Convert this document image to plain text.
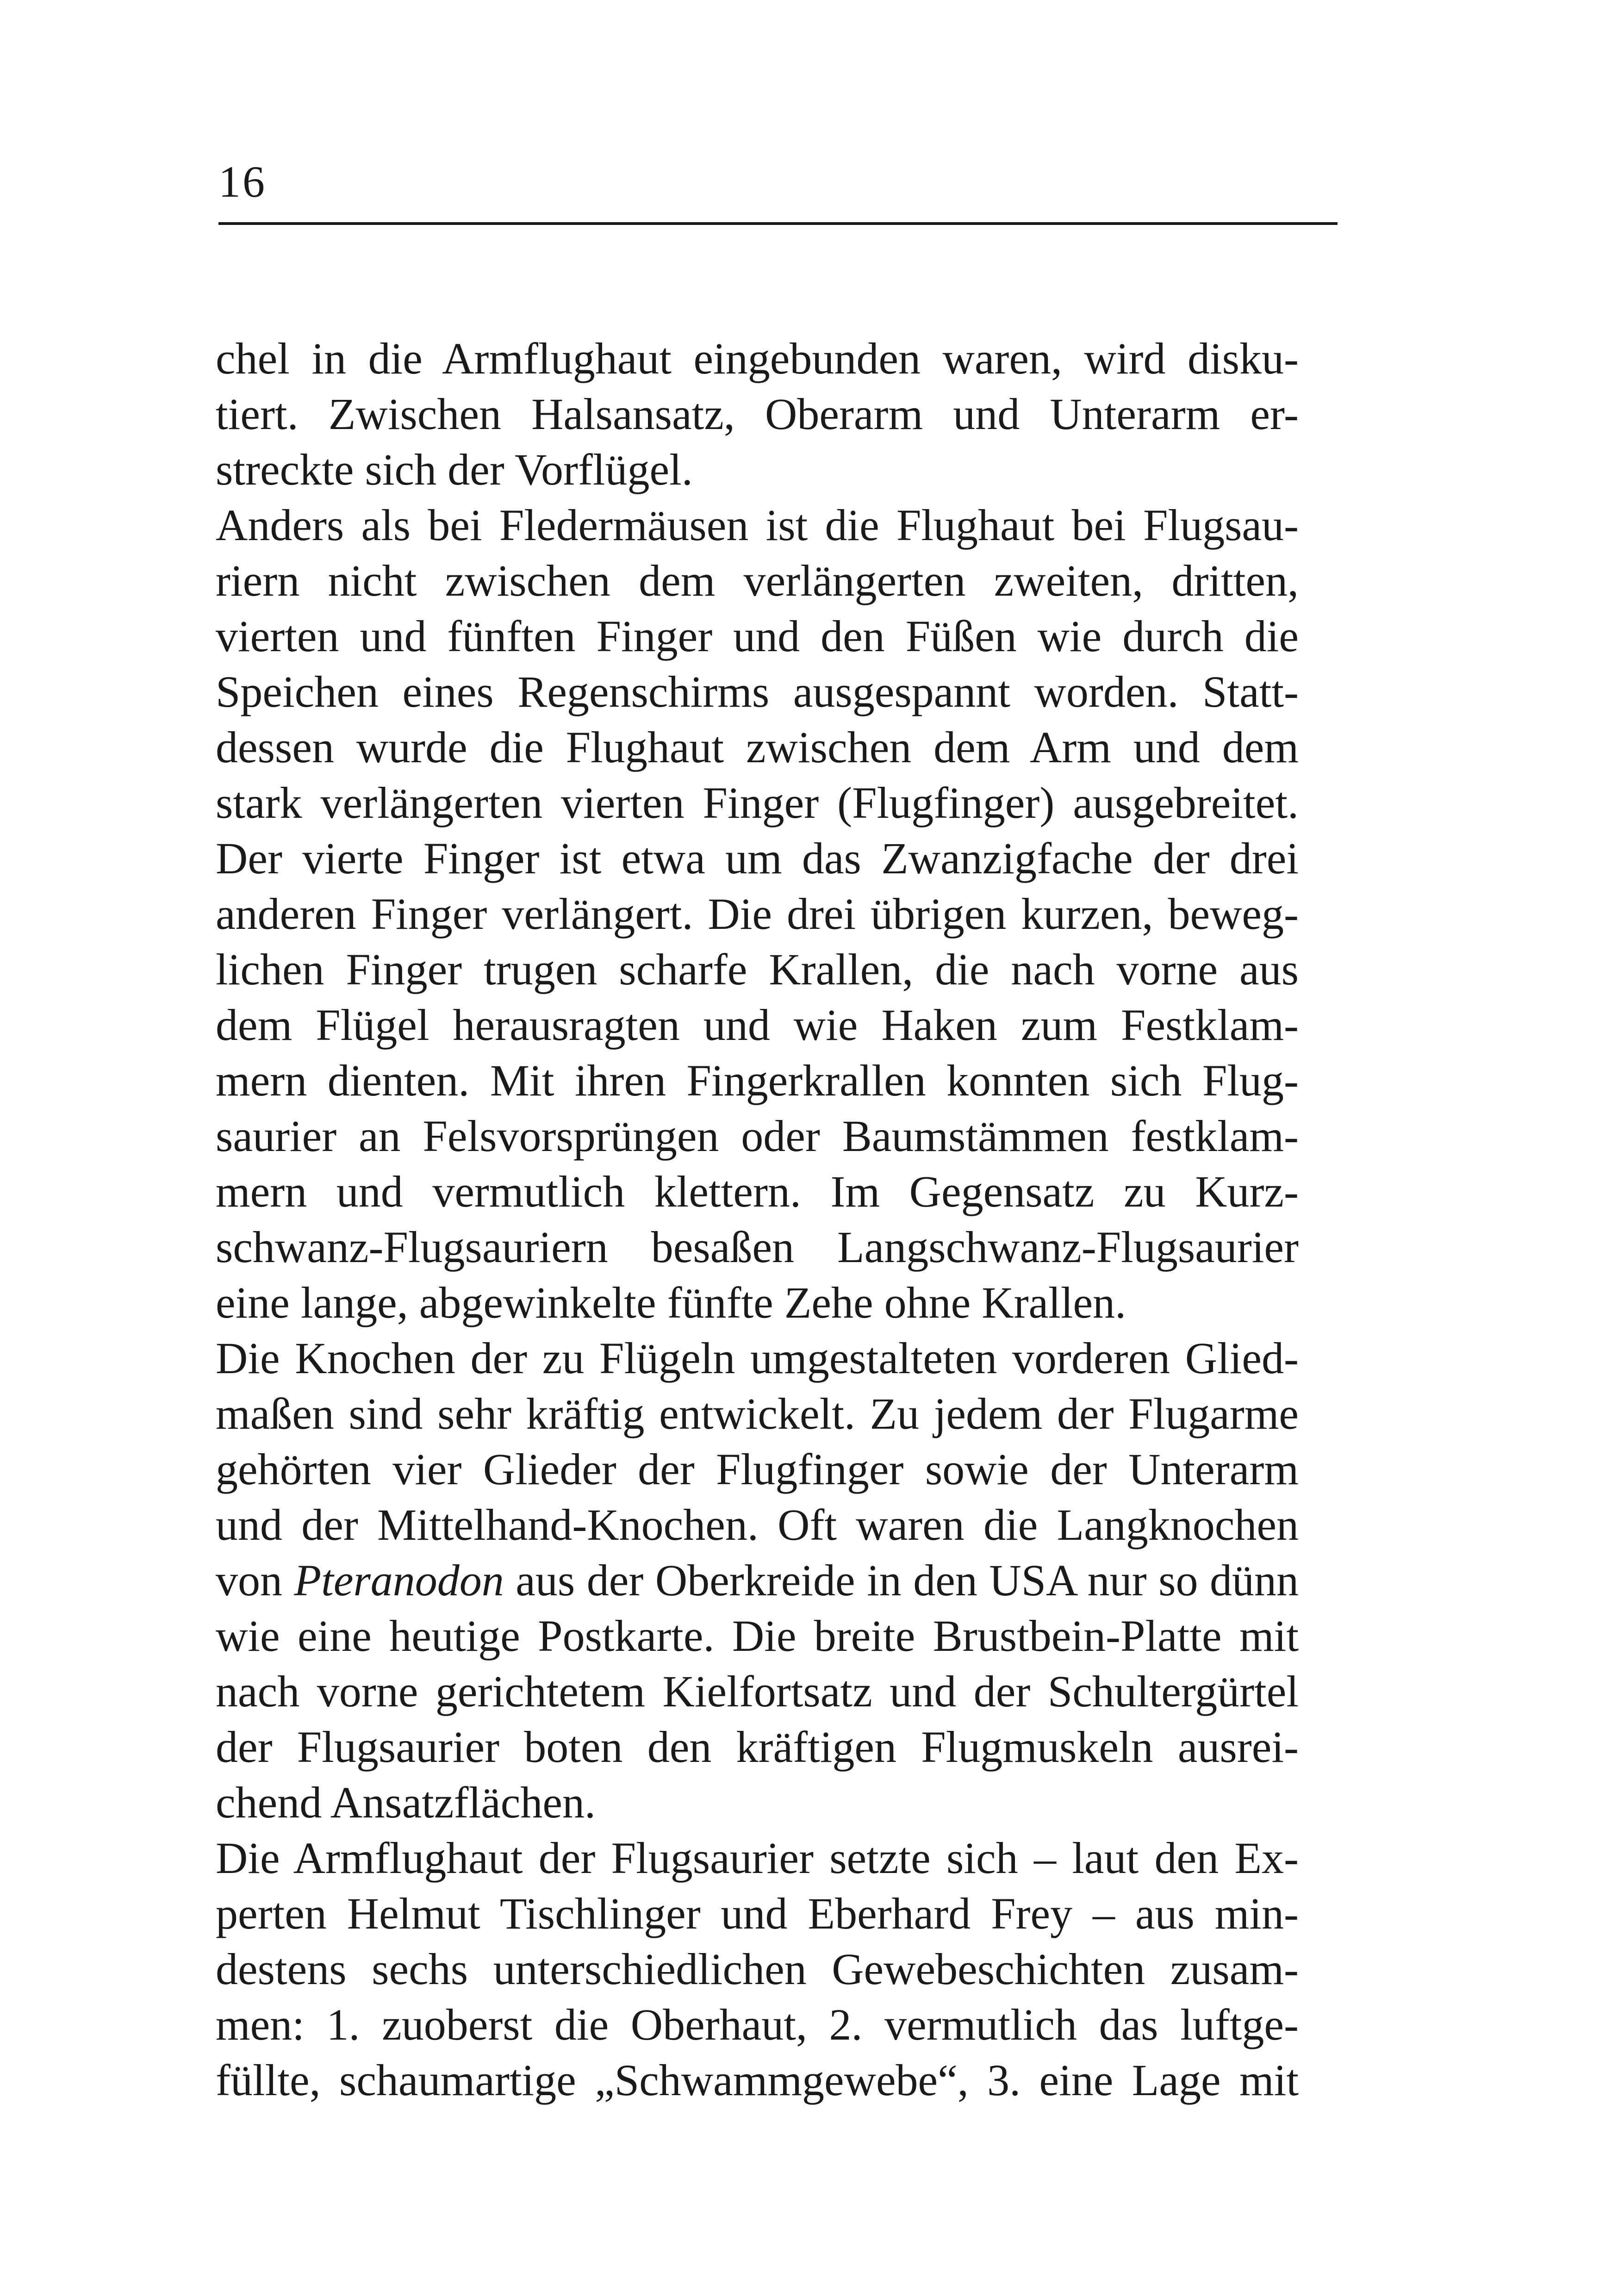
16
chel in die Armflughaut eingebunden waren, wird disku-
tiert. Zwischen Halsansatz, Oberarm und Unterarm er-
streckte sich der Vorflügel.
Anders als bei Fledermäusen ist die Flughaut bei Flugsau-
riern nicht zwischen dem verlängerten zweiten, dritten,
vierten und fünften Finger und den Füßen wie durch die
Speichen eines Regenschirms ausgespannt worden. Statt-
dessen wurde die Flughaut zwischen dem Arm und dem
stark verlängerten vierten Finger (Flugfinger) ausgebreitet.
Der vierte Finger ist etwa um das Zwanzigfache der drei
anderen Finger verlängert. Die drei übrigen kurzen, beweg-
lichen Finger trugen scharfe Krallen, die nach vorne aus
dem Flügel herausragten und wie Haken zum Festklam-
mern dienten. Mit ihren Fingerkrallen konnten sich Flug-
saurier an Felsvorsprüngen oder Baumstämmen festklam-
mern und vermutlich klettern. Im Gegensatz zu Kurz-
schwanz-Flugsauriern besaßen Langschwanz-Flugsaurier
eine lange, abgewinkelte fünfte Zehe ohne Krallen.
Die Knochen der zu Flügeln umgestalteten vorderen Glied-
maßen sind sehr kräftig entwickelt. Zu jedem der Flugarme
gehörten vier Glieder der Flugfinger sowie der Unterarm
und der Mittelhand-Knochen. Oft waren die Langknochen
von Pteranodon aus der Oberkreide in den USA nur so dünn
wie eine heutige Postkarte. Die breite Brustbein-Platte mit
nach vorne gerichtetem Kielfortsatz und der Schultergürtel
der Flugsaurier boten den kräftigen Flugmuskeln ausrei-
chend Ansatzflächen.
Die Armflughaut der Flugsaurier setzte sich – laut den Ex-
perten Helmut Tischlinger und Eberhard Frey – aus min-
destens sechs unterschiedlichen Gewebeschichten zusam-
men: 1. zuoberst die Oberhaut, 2. vermutlich das luftge-
füllte, schaumartige „Schwammgewebe“, 3. eine Lage mit
